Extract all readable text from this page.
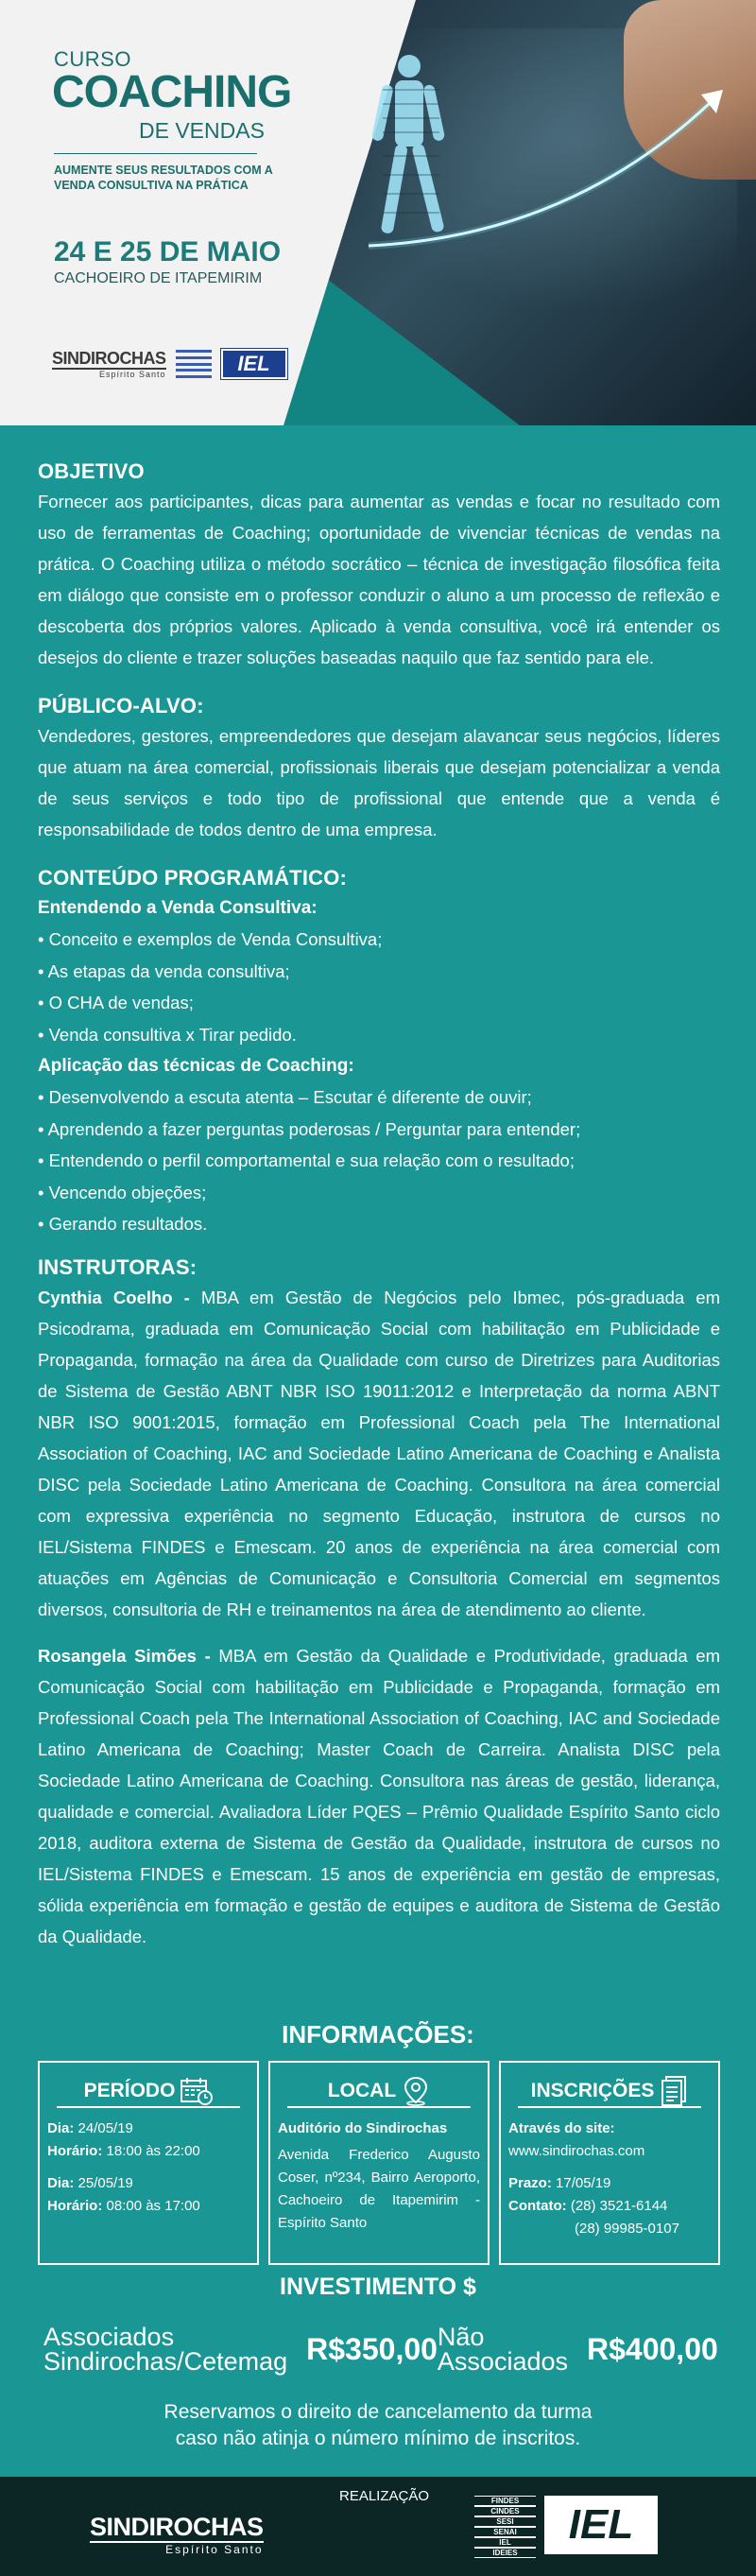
CURSO
COACHING
DE VENDAS
AUMENTE SEUS RESULTADOS COM A VENDA CONSULTIVA NA PRÁTICA
24 E 25 DE MAIO
CACHOEIRO DE ITAPEMIRIM
SINDIROCHAS
Espírito Santo	IEL
OBJETIVO
Fornecer aos participantes, dicas para aumentar as vendas e focar no resultado com uso de ferramentas de Coaching; oportunidade de vivenciar técnicas de vendas na prática. O Coaching utiliza o método socrático – técnica de investigação filosófica feita em diálogo que consiste em o professor conduzir o aluno a um processo de reflexão e descoberta dos próprios valores. Aplicado à venda consultiva, você irá entender os desejos do cliente e trazer soluções baseadas naquilo que faz sentido para ele.
PÚBLICO-ALVO:
Vendedores, gestores, empreendedores que desejam alavancar seus negócios, líderes que atuam na área comercial, profissionais liberais que desejam potencializar a venda de seus serviços e todo tipo de profissional que entende que a venda é responsabilidade de todos dentro de uma empresa.
CONTEÚDO PROGRAMÁTICO:
Entendendo a Venda Consultiva:
• Conceito e exemplos de Venda Consultiva;
• As etapas da venda consultiva;
• O CHA de vendas;
• Venda consultiva x Tirar pedido.
Aplicação das técnicas de Coaching:
• Desenvolvendo a escuta atenta – Escutar é diferente de ouvir;
• Aprendendo a fazer perguntas poderosas / Perguntar para entender;
• Entendendo o perfil comportamental e sua relação com o resultado;
• Vencendo objeções;
• Gerando resultados.
INSTRUTORAS:
Cynthia Coelho - MBA em Gestão de Negócios pelo Ibmec, pós-graduada em Psicodrama, graduada em Comunicação Social com habilitação em Publicidade e Propaganda, formação na área da Qualidade com curso de Diretrizes para Auditorias de Sistema de Gestão ABNT NBR ISO 19011:2012 e Interpretação da norma ABNT NBR ISO 9001:2015, formação em Professional Coach pela The International Association of Coaching, IAC and Sociedade Latino Americana de Coaching e Analista DISC pela Sociedade Latino Americana de Coaching. Consultora na área comercial com expressiva experiência no segmento Educação, instrutora de cursos no IEL/Sistema FINDES e Emescam. 20 anos de experiência na área comercial com atuações em Agências de Comunicação e Consultoria Comercial em segmentos diversos, consultoria de RH e treinamentos na área de atendimento ao cliente.
Rosangela Simões - MBA em Gestão da Qualidade e Produtividade, graduada em Comunicação Social com habilitação em Publicidade e Propaganda, formação em Professional Coach pela The International Association of Coaching, IAC and Sociedade Latino Americana de Coaching; Master Coach de Carreira. Analista DISC pela Sociedade Latino Americana de Coaching. Consultora nas áreas de gestão, liderança, qualidade e comercial. Avaliadora Líder PQES – Prêmio Qualidade Espírito Santo ciclo 2018, auditora externa de Sistema de Gestão da Qualidade, instrutora de cursos no IEL/Sistema FINDES e Emescam. 15 anos de experiência em gestão de empresas, sólida experiência em formação e gestão de equipes e auditora de Sistema de Gestão da Qualidade.
INFORMAÇÕES:
PERÍODO
Dia: 24/05/19
Horário: 18:00 às 22:00
Dia: 25/05/19
Horário: 08:00 às 17:00
LOCAL
Auditório do Sindirochas
Avenida Frederico Augusto Coser, nº234, Bairro Aeroporto, Cachoeiro de Itapemirim - Espírito Santo
INSCRIÇÕES
Através do site:
www.sindirochas.com
Prazo: 17/05/19
Contato: (28) 3521-6144
(28) 99985-0107
INVESTIMENTO $
Associados
Sindirochas/Cetemag R$350,00 Não
Associados R$400,00
Reservamos o direito de cancelamento da turma
caso não atinja o número mínimo de inscritos.
REALIZAÇÃO
SINDIROCHAS
Espírito Santo
FINDES
CINDES
SESI
SENAI
IEL
IDEIES
IEL
